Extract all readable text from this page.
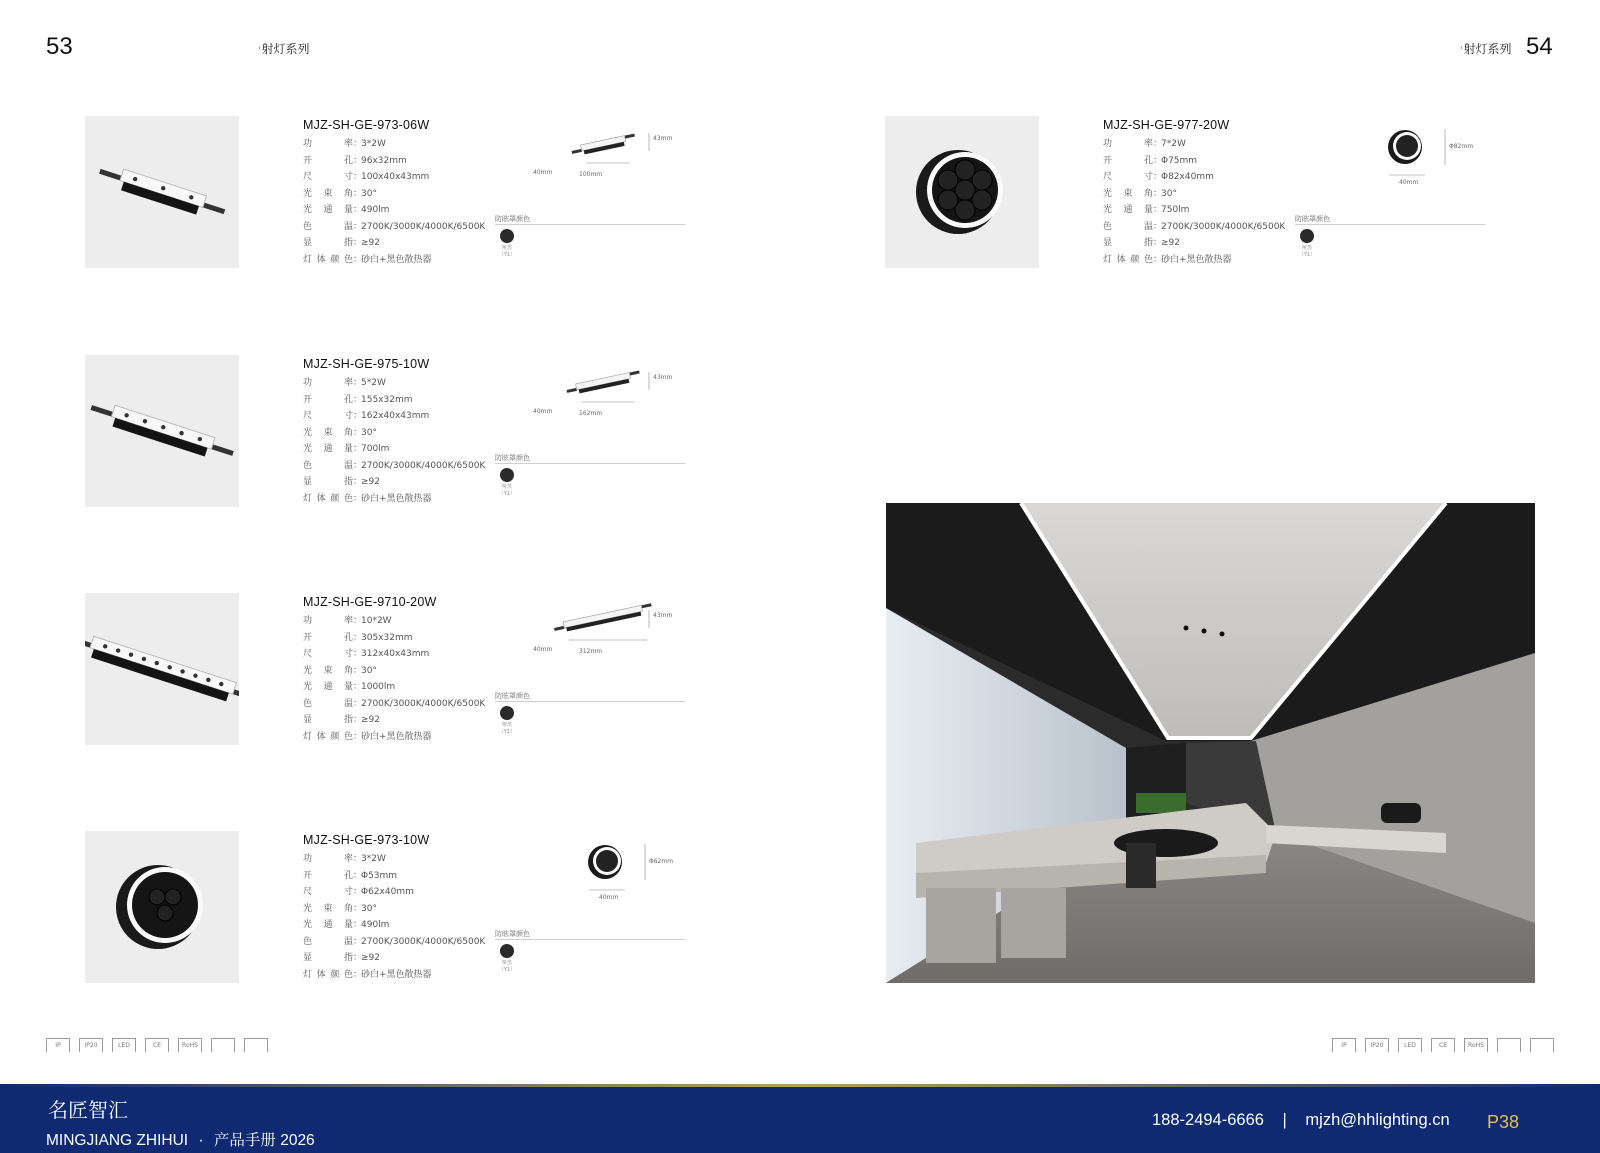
53	' 射灯系列	' 射灯系列 54
MJZ-SH-GE-973-06W
功	率 ：
3*2W
开	孔 ：
96x32mm
尺	寸 ：
100x40x43mm
光 束 角 ：
30°
光 通 量 ：
490lm
色	温 ：
2700K/3000K/4000K/6500K
显	指 ：
≥92
灯 体 颜 色 ：
砂白+黑色散热器
43mm
40mm	100mm
防眩罩颜色
哑黑
（Y1）
MJZ-SH-GE-975-10W
功	率 ：
5*2W
开	孔 ：
155x32mm
尺	寸 ：
162x40x43mm
光 束 角 ：
30°
光 通 量 ：
700lm
色	温 ：
2700K/3000K/4000K/6500K
显	指 ：
≥92
灯 体 颜 色 ：
砂白+黑色散热器
43mm
40mm	162mm
防眩罩颜色
哑黑
（Y1）
MJZ-SH-GE-9710-20W
功	率 ：
10*2W
开	孔 ：
305x32mm
尺	寸 ：
312x40x43mm
光 束 角 ：
30°
光 通 量 ：
1000lm
色	温 ：
2700K/3000K/4000K/6500K
显	指 ：
≥92
灯 体 颜 色 ：
砂白+黑色散热器
43mm
40mm	312mm
防眩罩颜色
哑黑
（Y1）
MJZ-SH-GE-973-10W
功	率 ：
3*2W
开	孔 ：
Φ53mm
尺	寸 ：
Φ62x40mm
光 束 角 ：
30°
光 通 量 ：
490lm
色	温 ：
2700K/3000K/4000K/6500K
显	指 ：
≥92
灯 体 颜 色 ：
砂白+黑色散热器
Φ62mm
40mm
防眩罩颜色
哑黑
（Y1）
MJZ-SH-GE-977-20W
功	率 ：
7*2W
开	孔 ：
Φ75mm
尺	寸 ：
Φ82x40mm
光 束 角 ：
30°
光 通 量 ：
750lm
色	温 ：
2700K/3000K/4000K/6500K
显	指 ：
≥92
灯 体 颜 色 ：
砂白+黑色散热器
Φ82mm
40mm
防眩罩颜色
哑黑
（Y1）
IP	IP20	LED	CE	RoHS	IP	IP20	LED	CE	RoHS
名匠智汇
MINGJIANG ZHIHUI · 产品手册 2026
188-2494-6666 | mjzh@hhlighting.cn P38
